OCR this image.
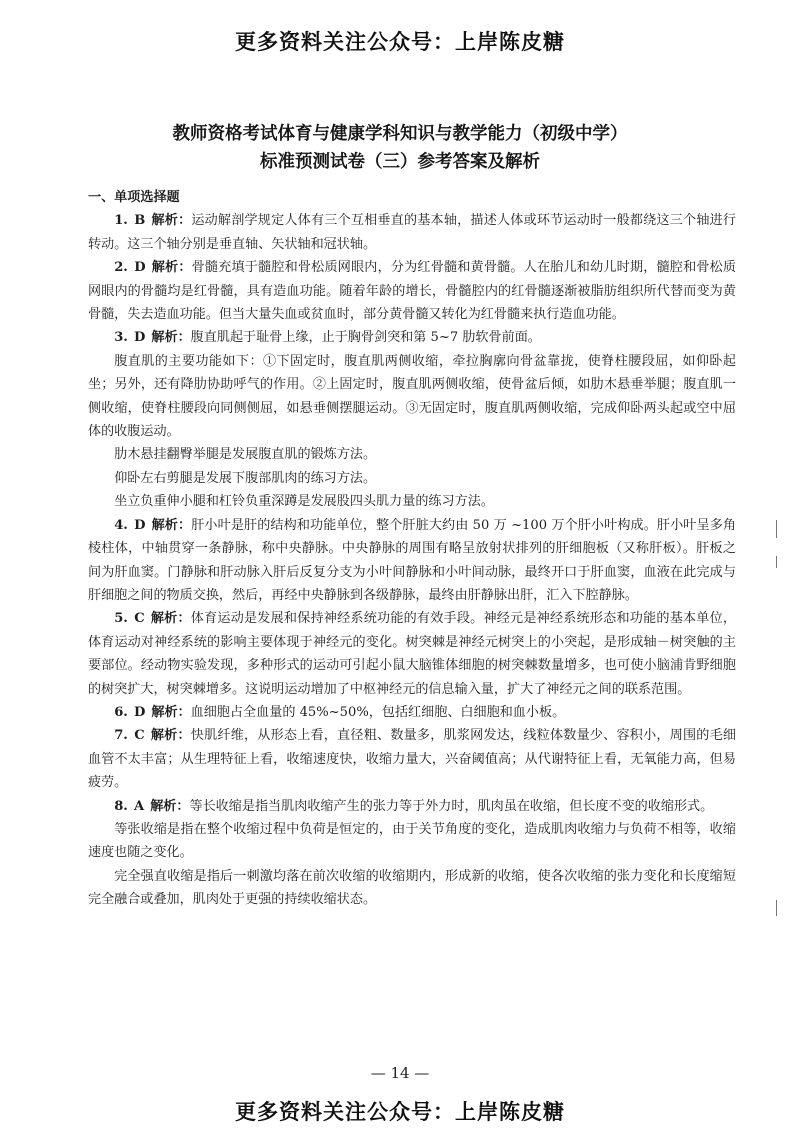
更多资料关注公众号：上岸陈皮糖
教师资格考试体育与健康学科知识与教学能力（初级中学）
标准预测试卷（三）参考答案及解析

一、单项选择题

1. B 解析：运动解剖学规定人体有三个互相垂直的基本轴，描述人体或环节运动时一般都绕这三个轴进行转动。这三个轴分别是垂直轴、矢状轴和冠状轴。

2. D 解析：骨髓充填于髓腔和骨松质网眼内，分为红骨髓和黄骨髓。人在胎儿和幼儿时期，髓腔和骨松质网眼内的骨髓均是红骨髓，具有造血功能。随着年龄的增长，骨髓腔内的红骨髓逐渐被脂肪组织所代替而变为黄骨髓，失去造血功能。但当大量失血或贫血时，部分黄骨髓又转化为红骨髓来执行造血功能。

3. D 解析：腹直肌起于耻骨上缘，止于胸骨剑突和第 5~7 肋软骨前面。

腹直肌的主要功能如下：①下固定时，腹直肌两侧收缩，牵拉胸廓向骨盆靠拢，使脊柱腰段屈，如仰卧起坐；另外，还有降肋协助呼气的作用。②上固定时，腹直肌两侧收缩，使骨盆后倾，如肋木悬垂举腿；腹直肌一侧收缩，使脊柱腰段向同侧侧屈，如悬垂侧摆腿运动。③无固定时，腹直肌两侧收缩，完成仰卧两头起或空中屈体的收腹运动。

肋木悬挂翻臀举腿是发展腹直肌的锻炼方法。

仰卧左右剪腿是发展下腹部肌肉的练习方法。

坐立负重伸小腿和杠铃负重深蹲是发展股四头肌力量的练习方法。

4. D 解析：肝小叶是肝的结构和功能单位，整个肝脏大约由 50 万 ~100 万个肝小叶构成。肝小叶呈多角棱柱体，中轴贯穿一条静脉，称中央静脉。中央静脉的周围有略呈放射状排列的肝细胞板（又称肝板）。肝板之间为肝血窦。门静脉和肝动脉入肝后反复分支为小叶间静脉和小叶间动脉，最终开口于肝血窦，血液在此完成与肝细胞之间的物质交换，然后，再经中央静脉到各级静脉，最终由肝静脉出肝，汇入下腔静脉。

5. C 解析：体育运动是发展和保持神经系统功能的有效手段。神经元是神经系统形态和功能的基本单位，体育运动对神经系统的影响主要体现于神经元的变化。树突棘是神经元树突上的小突起，是形成轴－树突触的主要部位。经动物实验发现，多种形式的运动可引起小鼠大脑锥体细胞的树突棘数量增多，也可使小脑浦肯野细胞的树突扩大，树突棘增多。这说明运动增加了中枢神经元的信息输入量，扩大了神经元之间的联系范围。

6. D 解析：血细胞占全血量的 45%~50%，包括红细胞、白细胞和血小板。

7. C 解析：快肌纤维，从形态上看，直径粗、数量多，肌浆网发达，线粒体数量少、容积小，周围的毛细血管不太丰富；从生理特征上看，收缩速度快，收缩力量大，兴奋阈值高；从代谢特征上看，无氧能力高，但易疲劳。

8. A 解析：等长收缩是指当肌肉收缩产生的张力等于外力时，肌肉虽在收缩，但长度不变的收缩形式。

等张收缩是指在整个收缩过程中负荷是恒定的，由于关节角度的变化，造成肌肉收缩力与负荷不相等，收缩速度也随之变化。

完全强直收缩是指后一刺激均落在前次收缩的收缩期内，形成新的收缩，使各次收缩的张力变化和长度缩短完全融合或叠加，肌肉处于更强的持续收缩状态。

— 14 —
更多资料关注公众号：上岸陈皮糖
